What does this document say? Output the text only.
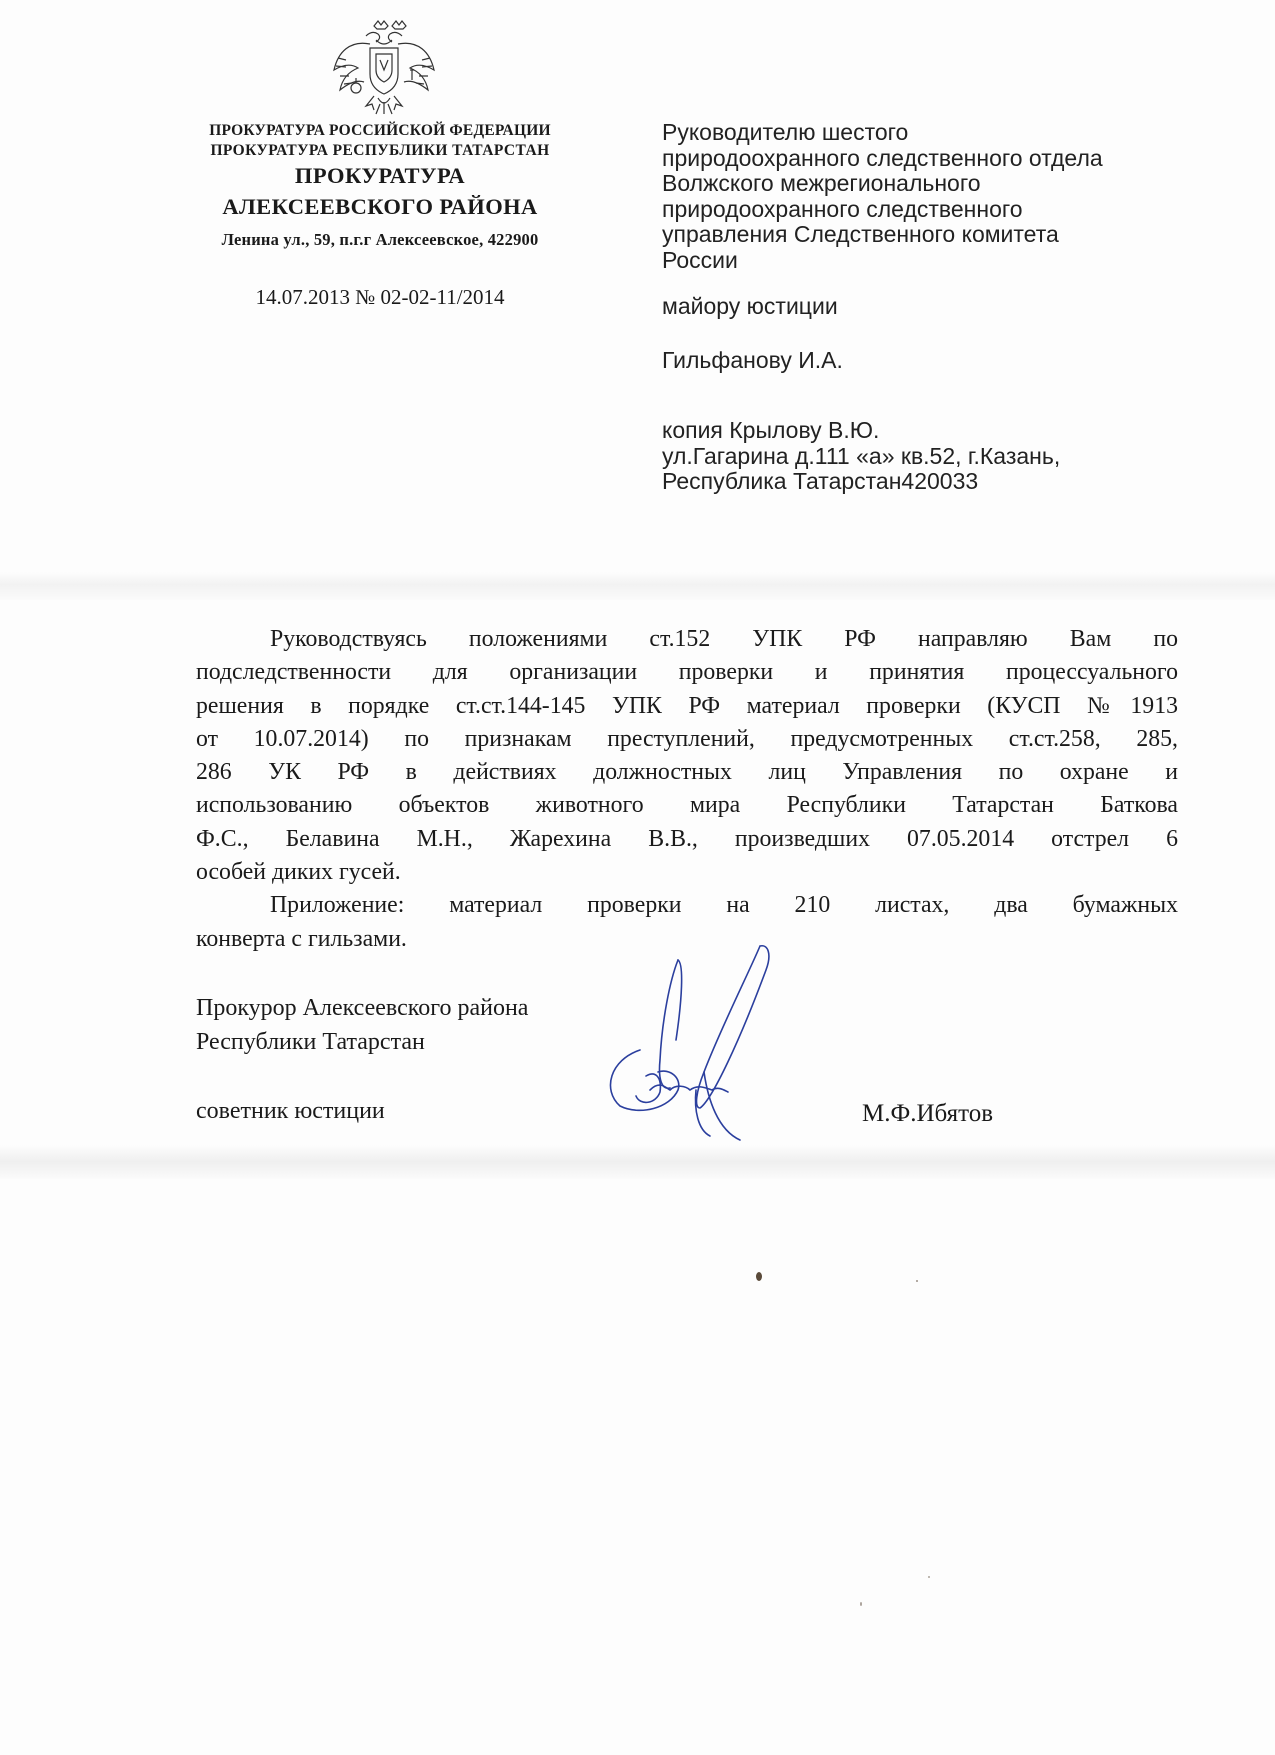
ПРОКУРАТУРА РОССИЙСКОЙ ФЕДЕРАЦИИ
ПРОКУРАТУРА РЕСПУБЛИКИ ТАТАРСТАН
ПРОКУРАТУРА
АЛЕКСЕЕВСКОГО РАЙОНА
Ленина ул., 59, п.г.г Алексеевское, 422900
14.07.2013 № 02-02-11/2014
Руководителю шестого
природоохранного следственного отдела
Волжского межрегионального
природоохранного следственного
управления Следственного комитета
России
майору юстиции
Гильфанову И.А.
копия Крылову В.Ю.
ул.Гагарина д.111 «а» кв.52, г.Казань,
Республика Татарстан420033
Руководствуясь положениями ст.152 УПК РФ направляю Вам по
подследственности для организации проверки и принятия процессуального
решения в порядке ст.ст.144-145 УПК РФ материал проверки (КУСП №1913
от 10.07.2014) по признакам преступлений, предусмотренных ст.ст.258, 285,
286 УК РФ в действиях должностных лиц Управления по охране и
использованию объектов животного мира Республики Татарстан Баткова
Ф.С., Белавина М.Н., Жарехина В.В., произведших 07.05.2014 отстрел 6
особей диких гусей.
Приложение: материал проверки на 210 листах, два бумажных
конверта с гильзами.
Прокурор Алексеевского района
Республики Татарстан
советник юстиции	М.Ф.Ибятов
